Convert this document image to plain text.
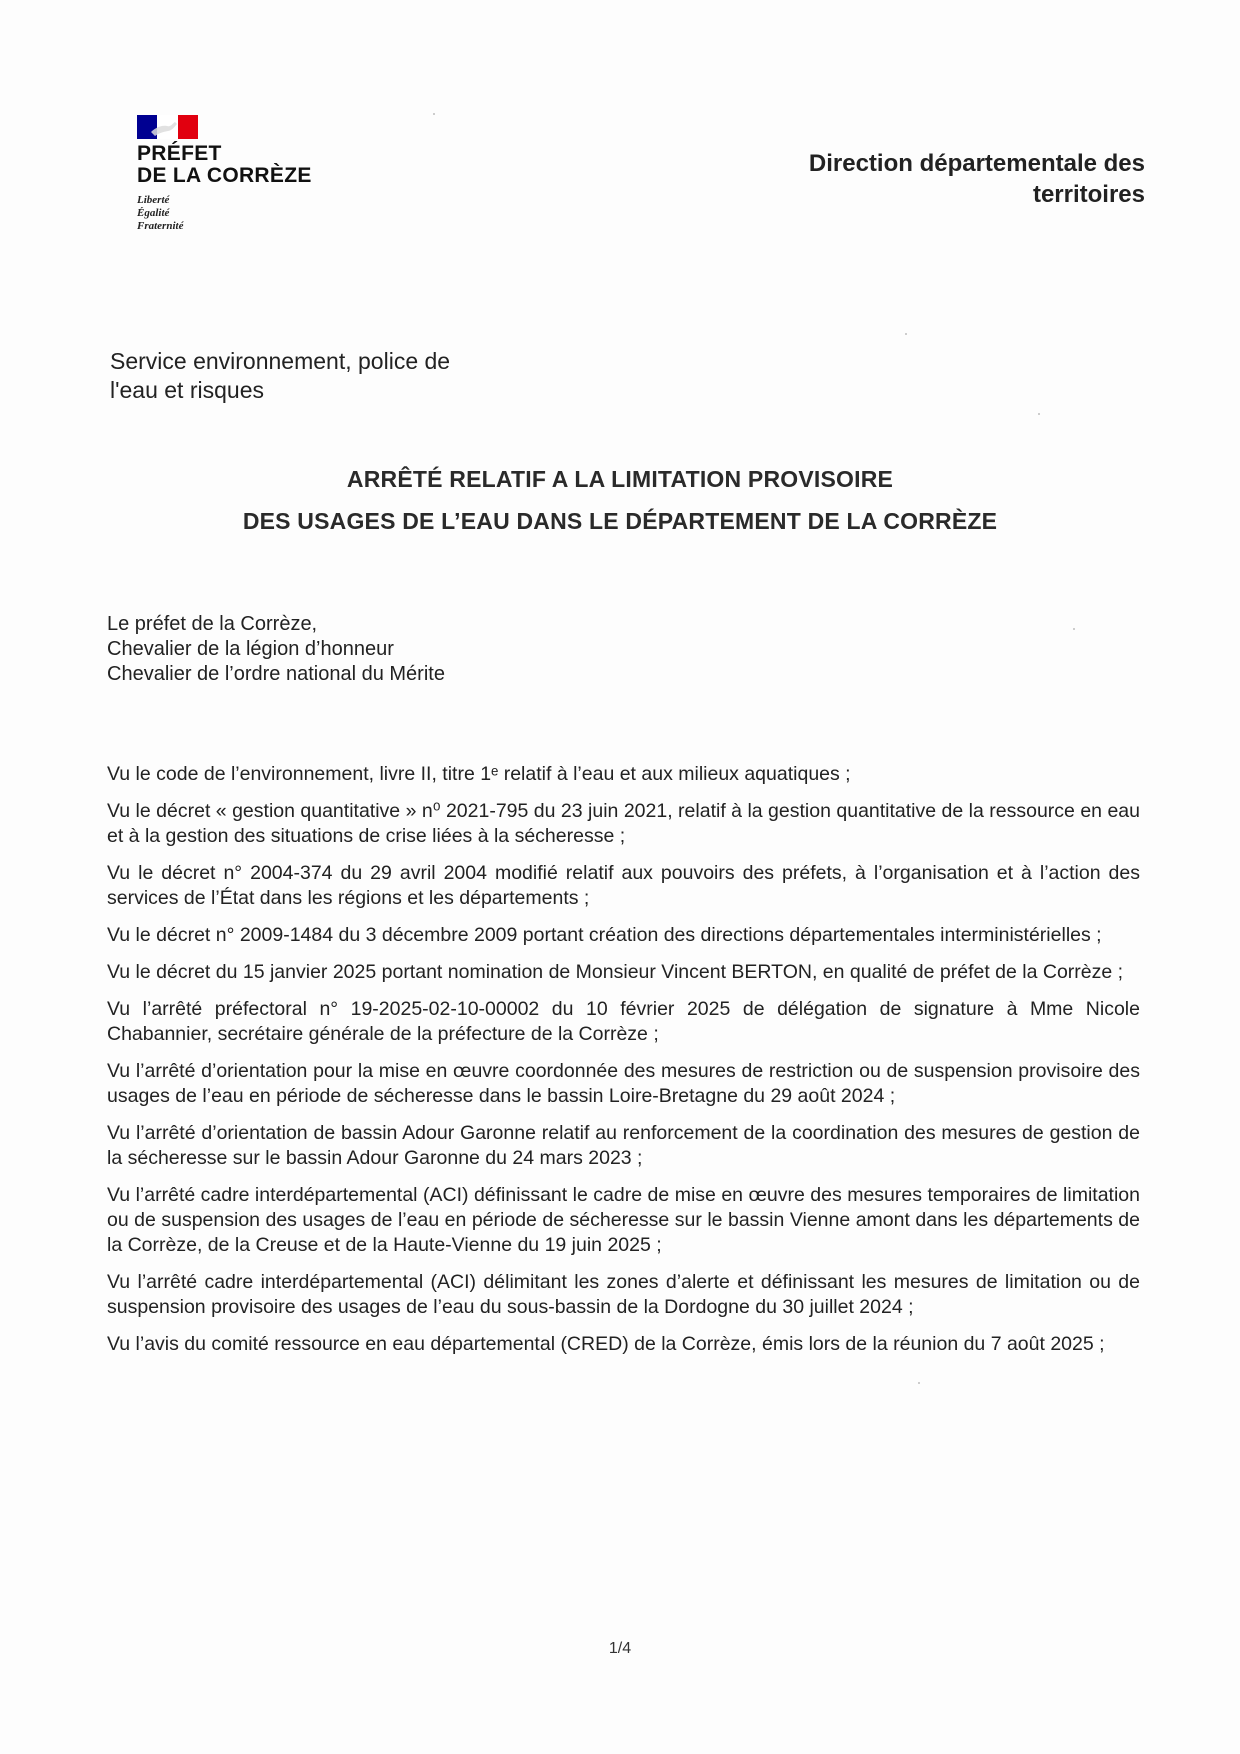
PRÉFET
DE LA CORRÈZE
Liberté
Égalité
Fraternité
Direction départementale des
territoires
Service environnement, police de
l'eau et risques
ARRÊTÉ RELATIF A LA LIMITATION PROVISOIRE
DES USAGES DE L’EAU DANS LE DÉPARTEMENT DE LA CORRÈZE
Le préfet de la Corrèze,
Chevalier de la légion d’honneur
Chevalier de l’ordre national du Mérite

Vu le code de l’environnement, livre II, titre 1ᵉ relatif à l’eau et aux milieux aquatiques ;

Vu le décret « gestion quantitative » n⁰ 2021-795 du 23 juin 2021, relatif à la gestion quantitative de la ressource en eau et à la gestion des situations de crise liées à la sécheresse ;

Vu le décret n° 2004-374 du 29 avril 2004 modifié relatif aux pouvoirs des préfets, à l’organisation et à l’action des services de l’État dans les régions et les départements ;

Vu le décret n° 2009-1484 du 3 décembre 2009 portant création des directions départementales interministérielles ;

Vu le décret du 15 janvier 2025 portant nomination de Monsieur Vincent BERTON, en qualité de préfet de la Corrèze ;

Vu l’arrêté préfectoral n° 19-2025-02-10-00002 du 10 février 2025 de délégation de signature à Mme Nicole Chabannier, secrétaire générale de la préfecture de la Corrèze ;

Vu l’arrêté d’orientation pour la mise en œuvre coordonnée des mesures de restriction ou de suspension provisoire des usages de l’eau en période de sécheresse dans le bassin Loire-Bretagne du 29 août 2024 ;

Vu l’arrêté d’orientation de bassin Adour Garonne relatif au renforcement de la coordination des mesures de gestion de la sécheresse sur le bassin Adour Garonne du 24 mars 2023 ;

Vu l’arrêté cadre interdépartemental (ACI) définissant le cadre de mise en œuvre des mesures temporaires de limitation ou de suspension des usages de l’eau en période de sécheresse sur le bassin Vienne amont dans les départements de la Corrèze, de la Creuse et de la Haute-Vienne du 19 juin 2025 ;

Vu l’arrêté cadre interdépartemental (ACI) délimitant les zones d’alerte et définissant les mesures de limitation ou de suspension provisoire des usages de l’eau du sous-bassin de la Dordogne du 30 juillet 2024 ;

Vu l’avis du comité ressource en eau départemental (CRED) de la Corrèze, émis lors de la réunion du 7 août 2025 ;

1/4
